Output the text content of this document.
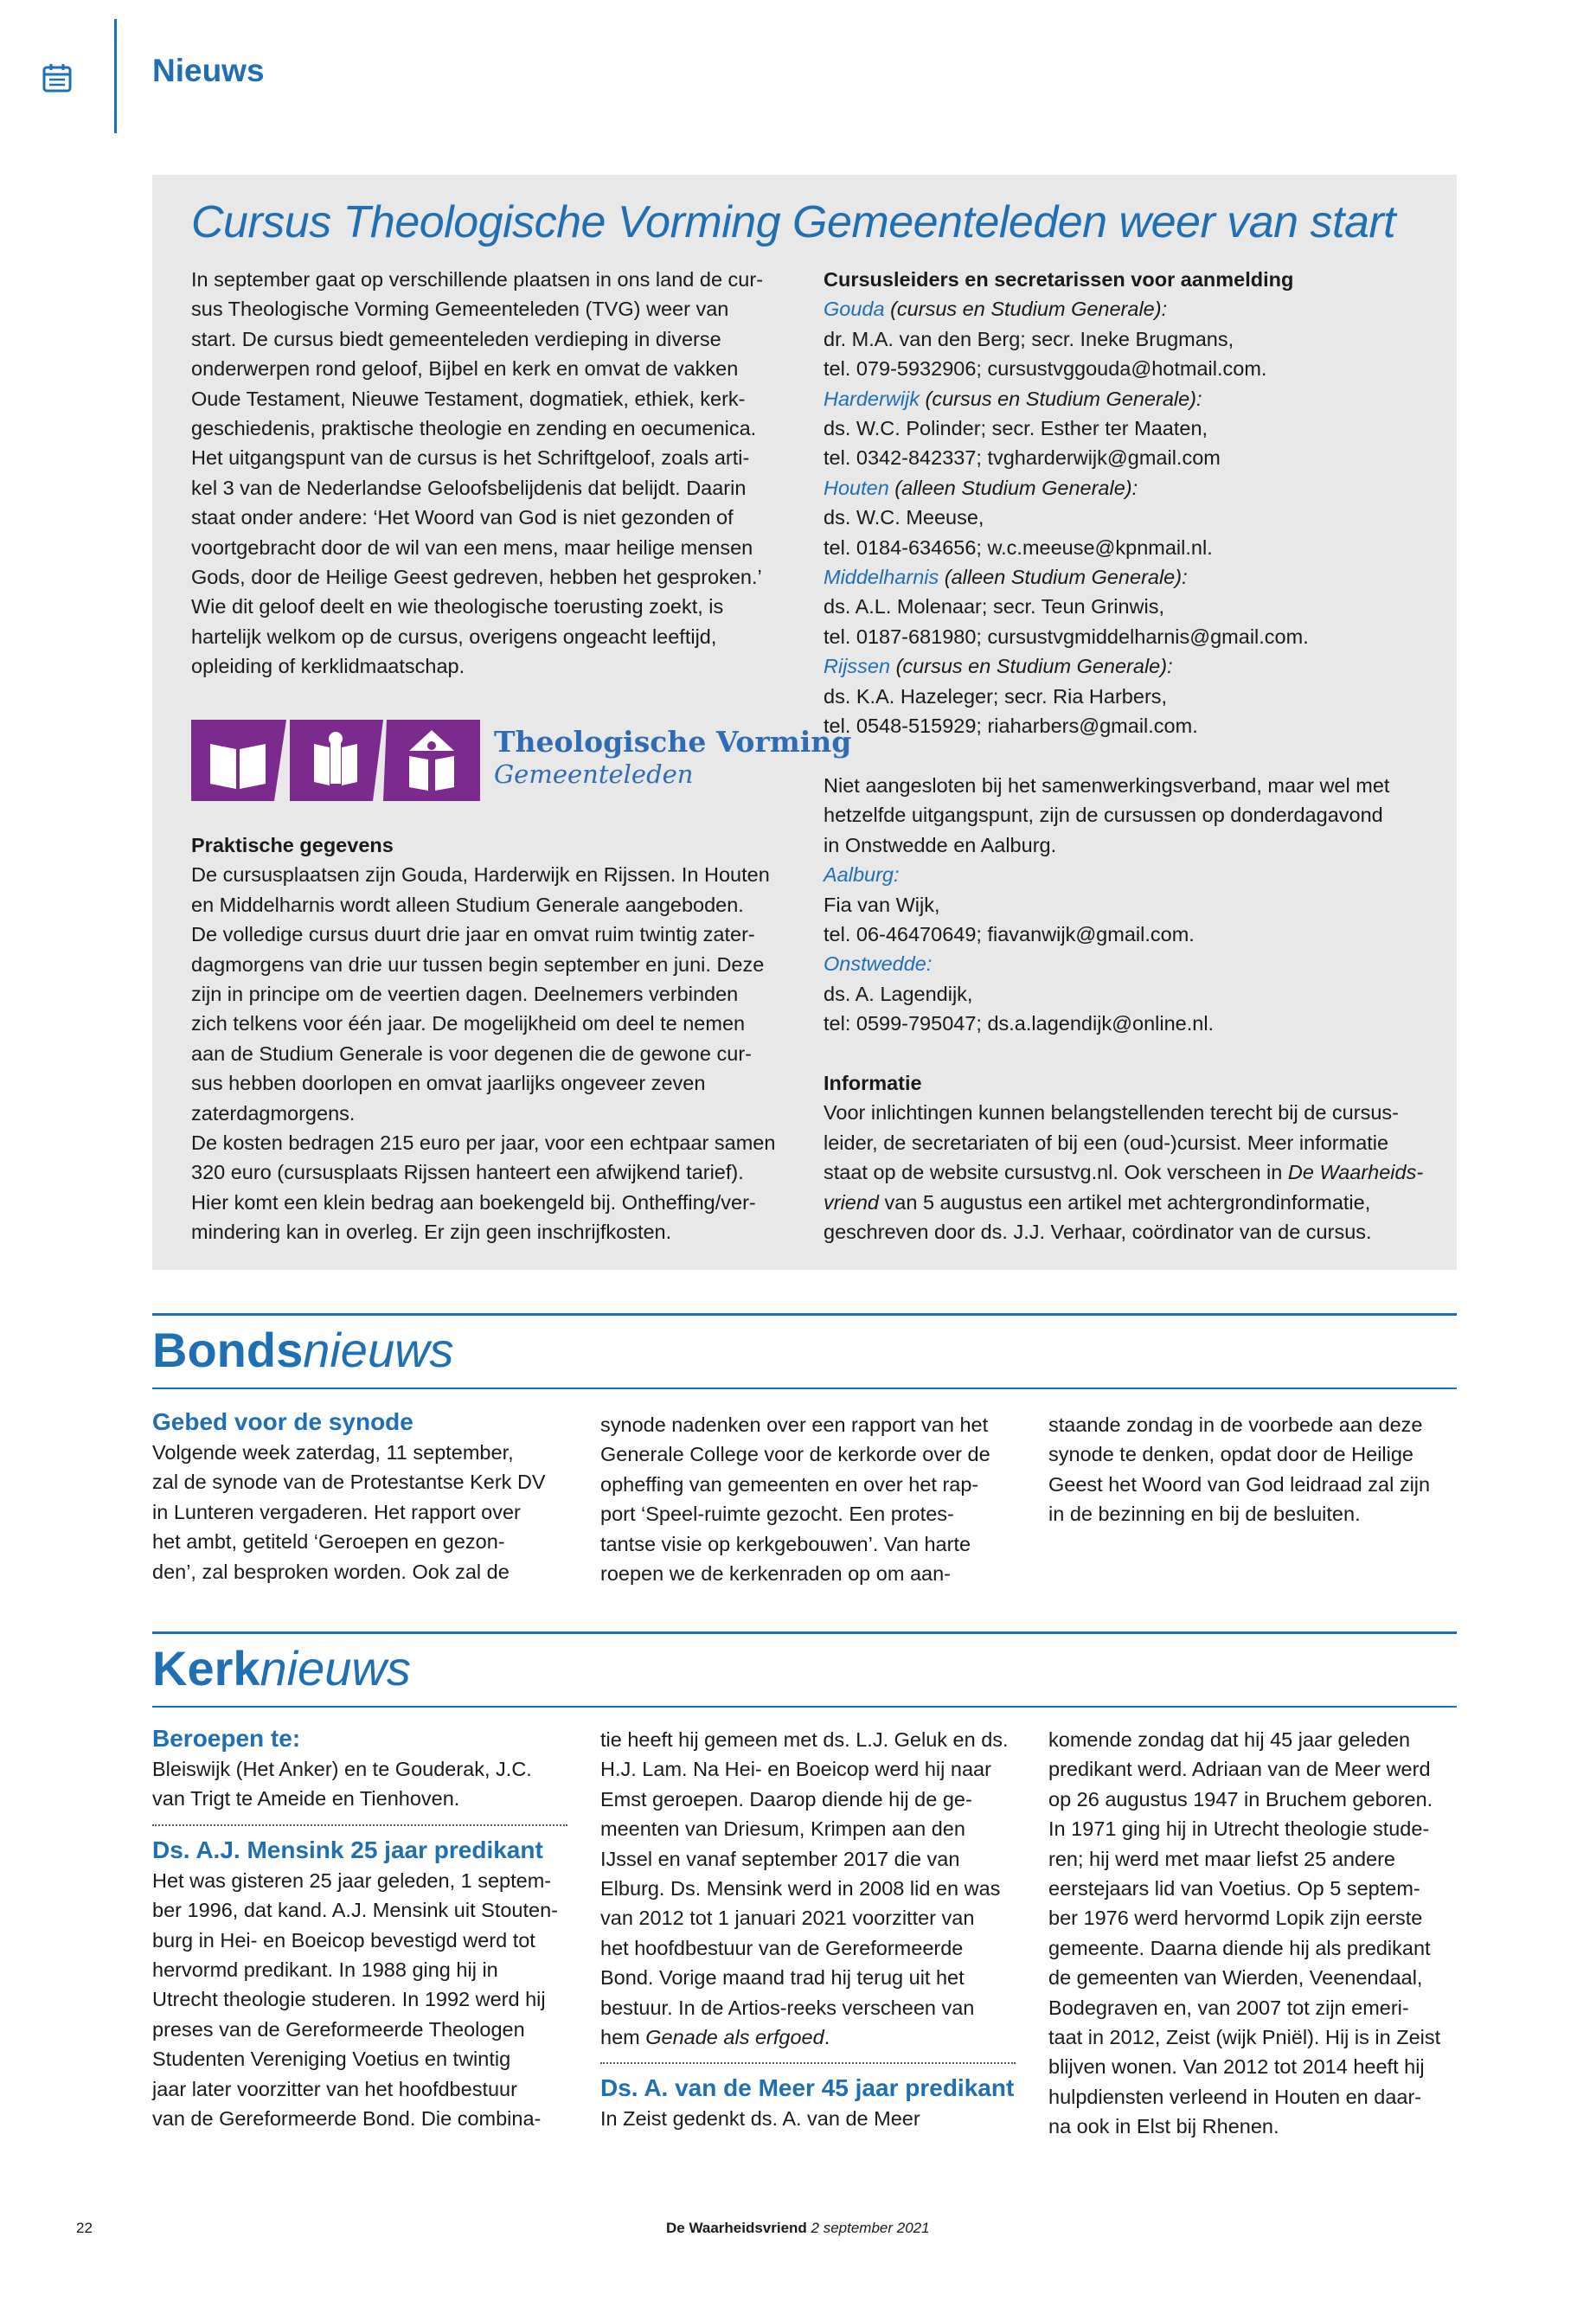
Nieuws
Cursus Theologische Vorming Gemeenteleden weer van start

In september gaat op verschillende plaatsen in ons land de cur-

sus Theologische Vorming Gemeenteleden (TVG) weer van

start. De cursus biedt gemeenteleden verdieping in diverse

onderwerpen rond geloof, Bijbel en kerk en omvat de vakken

Oude Testament, Nieuwe Testament, dogmatiek, ethiek, kerk-

geschiedenis, praktische theologie en zending en oecumenica.

Het uitgangspunt van de cursus is het Schriftgeloof, zoals arti-

kel 3 van de Nederlandse Geloofsbelijdenis dat belijdt. Daarin

staat onder andere: ‘Het Woord van God is niet gezonden of

voortgebracht door de wil van een mens, maar heilige mensen

Gods, door de Heilige Geest gedreven, hebben het gesproken.’

Wie dit geloof deelt en wie theologische toerusting zoekt, is

hartelijk welkom op de cursus, overigens ongeacht leeftijd,

opleiding of kerklidmaatschap.

Theologische Vorming
Gemeenteleden

Praktische gegevens

De cursusplaatsen zijn Gouda, Harderwijk en Rijssen. In Houten

en Middelharnis wordt alleen Studium Generale aangeboden.

De volledige cursus duurt drie jaar en omvat ruim twintig zater-

dagmorgens van drie uur tussen begin september en juni. Deze

zijn in principe om de veertien dagen. Deelnemers verbinden

zich telkens voor één jaar. De mogelijkheid om deel te nemen

aan de Studium Generale is voor degenen die de gewone cur-

sus hebben doorlopen en omvat jaarlijks ongeveer zeven

zaterdagmorgens.

De kosten bedragen 215 euro per jaar, voor een echtpaar samen

320 euro (cursusplaats Rijssen hanteert een afwijkend tarief).

Hier komt een klein bedrag aan boekengeld bij. Ontheffing/ver-

mindering kan in overleg. Er zijn geen inschrijfkosten.

Cursusleiders en secretarissen voor aanmelding

Gouda (cursus en Studium Generale):

dr. M.A. van den Berg; secr. Ineke Brugmans,

tel. 079-5932906; cursustvggouda@hotmail.com.

Harderwijk (cursus en Studium Generale):

ds. W.C. Polinder; secr. Esther ter Maaten,

tel. 0342-842337; tvgharderwijk@gmail.com

Houten (alleen Studium Generale):

ds. W.C. Meeuse,

tel. 0184-634656; w.c.meeuse@kpnmail.nl.

Middelharnis (alleen Studium Generale):

ds. A.L. Molenaar; secr. Teun Grinwis,

tel. 0187-681980; cursustvgmiddelharnis@gmail.com.

Rijssen (cursus en Studium Generale):

ds. K.A. Hazeleger; secr. Ria Harbers,

tel. 0548-515929; riaharbers@gmail.com.

Niet aangesloten bij het samenwerkingsverband, maar wel met

hetzelfde uitgangspunt, zijn de cursussen op donderdagavond

in Onstwedde en Aalburg.

Aalburg:

Fia van Wijk,

tel. 06-46470649; fiavanwijk@gmail.com.

Onstwedde:

ds. A. Lagendijk,

tel: 0599-795047; ds.a.lagendijk@online.nl.

Informatie

Voor inlichtingen kunnen belangstellenden terecht bij de cursus-

leider, de secretariaten of bij een (oud-)cursist. Meer informatie

staat op de website cursustvg.nl. Ook verscheen in De Waarheids-

vriend van 5 augustus een artikel met achtergrondinformatie,

geschreven door ds. J.J. Verhaar, coördinator van de cursus.

Bondsnieuws

Gebed voor de synode

Volgende week zaterdag, 11 september,

zal de synode van de Protestantse Kerk DV

in Lunteren vergaderen. Het rapport over

het ambt, getiteld ‘Geroepen en gezon-

den’, zal besproken worden. Ook zal de

synode nadenken over een rapport van het

Generale College voor de kerkorde over de

opheffing van gemeenten en over het rap-

port ‘Speel-ruimte gezocht. Een protes-

tantse visie op kerkgebouwen’. Van harte

roepen we de kerkenraden op om aan-

staande zondag in de voorbede aan deze

synode te denken, opdat door de Heilige

Geest het Woord van God leidraad zal zijn

in de bezinning en bij de besluiten.

Kerknieuws

Beroepen te:

Bleiswijk (Het Anker) en te Gouderak, J.C.

van Trigt te Ameide en Tienhoven.

Ds. A.J. Mensink 25 jaar predikant

Het was gisteren 25 jaar geleden, 1 septem-

ber 1996, dat kand. A.J. Mensink uit Stouten-

burg in Hei- en Boeicop bevestigd werd tot

hervormd predikant. In 1988 ging hij in

Utrecht theologie studeren. In 1992 werd hij

preses van de Gereformeerde Theologen

Studenten Vereniging Voetius en twintig

jaar later voorzitter van het hoofdbestuur

van de Gereformeerde Bond. Die combina-

tie heeft hij gemeen met ds. L.J. Geluk en ds.

H.J. Lam. Na Hei- en Boeicop werd hij naar

Emst geroepen. Daarop diende hij de ge-

meenten van Driesum, Krimpen aan den

IJssel en vanaf september 2017 die van

Elburg. Ds. Mensink werd in 2008 lid en was

van 2012 tot 1 januari 2021 voorzitter van

het hoofdbestuur van de Gereformeerde

Bond. Vorige maand trad hij terug uit het

bestuur. In de Artios-reeks verscheen van

hem Genade als erfgoed.

Ds. A. van de Meer 45 jaar predikant

In Zeist gedenkt ds. A. van de Meer

komende zondag dat hij 45 jaar geleden

predikant werd. Adriaan van de Meer werd

op 26 augustus 1947 in Bruchem geboren.

In 1971 ging hij in Utrecht theologie stude-

ren; hij werd met maar liefst 25 andere

eerstejaars lid van Voetius. Op 5 septem-

ber 1976 werd hervormd Lopik zijn eerste

gemeente. Daarna diende hij als predikant

de gemeenten van Wierden, Veenendaal,

Bodegraven en, van 2007 tot zijn emeri-

taat in 2012, Zeist (wijk Pniël). Hij is in Zeist

blijven wonen. Van 2012 tot 2014 heeft hij

hulpdiensten verleend in Houten en daar-

na ook in Elst bij Rhenen.

22	De Waarheidsvriend 2 september 2021
